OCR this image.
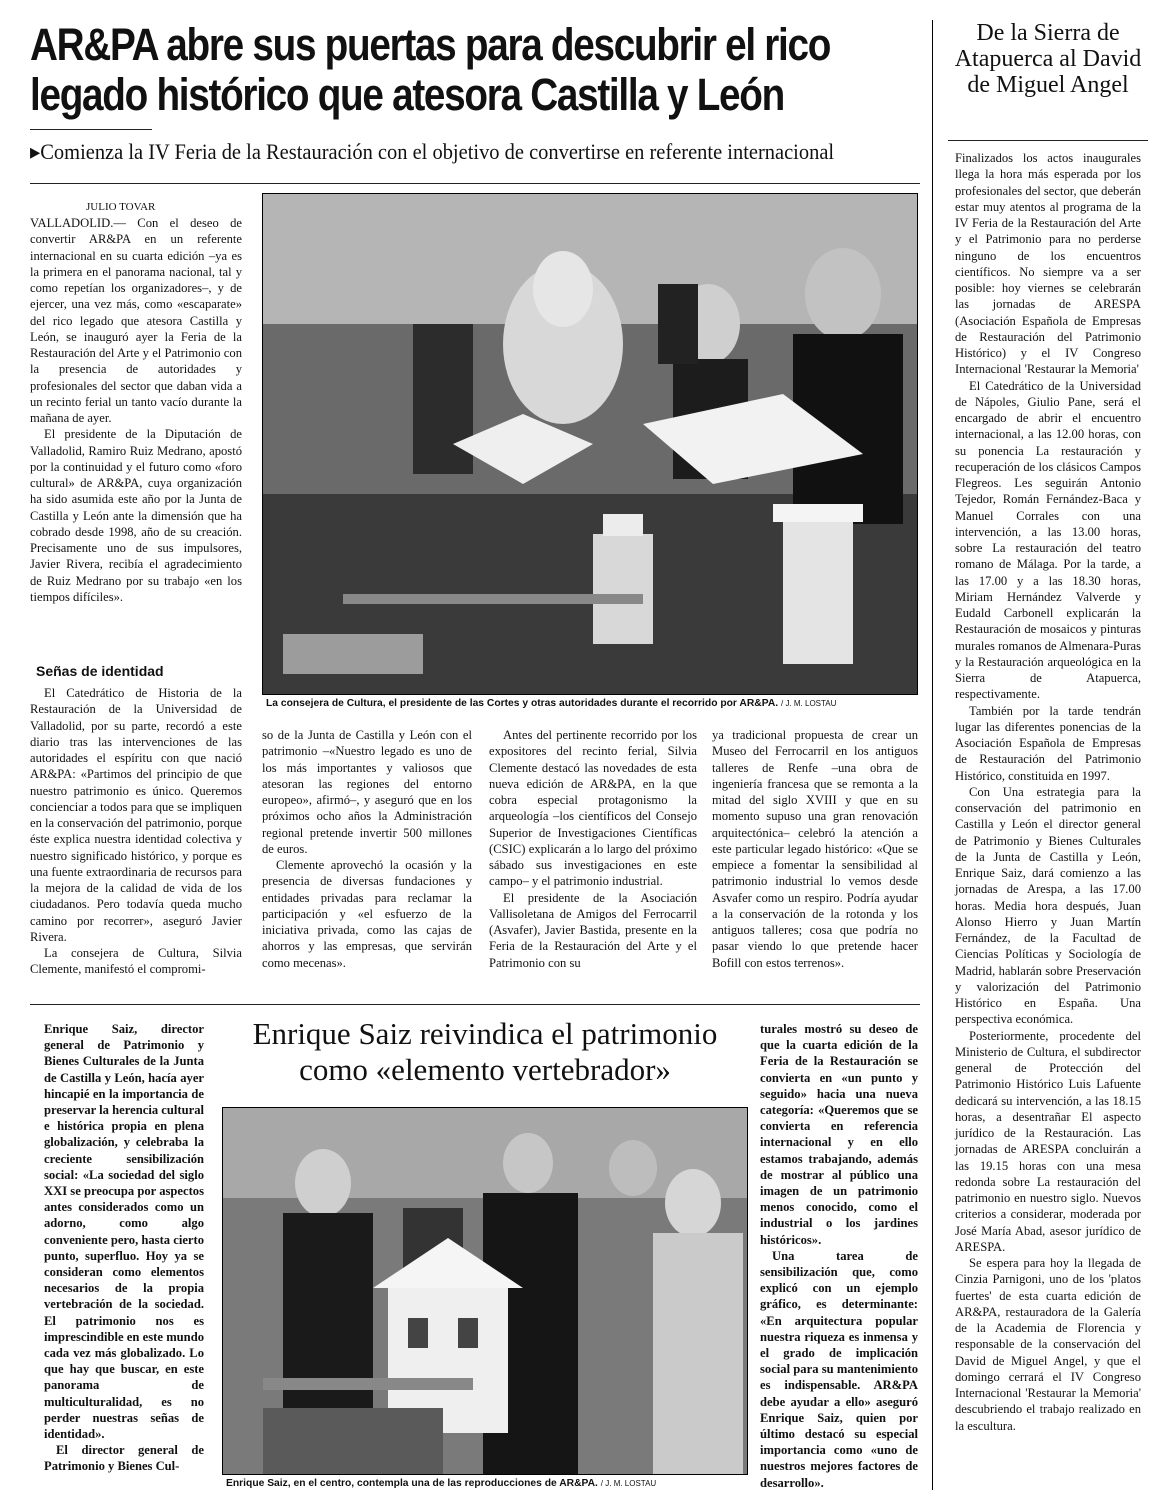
AR&PA abre sus puertas para descubrir el rico
legado histórico que atesora Castilla y León
▸Comienza la IV Feria de la Restauración con el objetivo de convertirse en referente internacional
JULIO TOVAR

VALLADOLID.— Con el deseo de convertir AR&PA en un referente internacional en su cuarta edición –ya es la primera en el panorama nacional, tal y como repetían los organizadores–, y de ejercer, una vez más, como «escaparate» del rico legado que atesora Castilla y León, se inauguró ayer la Feria de la Restauración del Arte y el Patrimonio con la presencia de autoridades y profesionales del sector que daban vida a un recinto ferial un tanto vacío durante la mañana de ayer.

El presidente de la Diputación de Valladolid, Ramiro Ruiz Medrano, apostó por la continuidad y el futuro como «foro cultural» de AR&PA, cuya organización ha sido asumida este año por la Junta de Castilla y León ante la dimensión que ha cobrado desde 1998, año de su creación. Precisamente uno de sus impulsores, Javier Rivera, recibía el agradecimiento de Ruiz Medrano por su trabajo «en los tiempos difíciles».

Señas de identidad

El Catedrático de Historia de la Restauración de la Universidad de Valladolid, por su parte, recordó a este diario tras las intervenciones de las autoridades el espíritu con que nació AR&PA: «Partimos del principio de que nuestro patrimonio es único. Queremos concienciar a todos para que se impliquen en la conservación del patrimonio, porque éste explica nuestra identidad colectiva y nuestro significado histórico, y porque es una fuente extraordinaria de recursos para la mejora de la calidad de vida de los ciudadanos. Pero todavía queda mucho camino por recorrer», aseguró Javier Rivera.

La consejera de Cultura, Silvia Clemente, manifestó el compromi-

La consejera de Cultura, el presidente de las Cortes y otras autoridades durante el recorrido por AR&PA. / J. M. LOSTAU

so de la Junta de Castilla y León con el patrimonio –«Nuestro legado es uno de los más importantes y valiosos que atesoran las regiones del entorno europeo», afirmó–, y aseguró que en los próximos ocho años la Administración regional pretende invertir 500 millones de euros.

Clemente aprovechó la ocasión y la presencia de diversas fundaciones y entidades privadas para reclamar la participación y «el esfuerzo de la iniciativa privada, como las cajas de ahorros y las empresas, que servirán como mecenas».

Antes del pertinente recorrido por los expositores del recinto ferial, Silvia Clemente destacó las novedades de esta nueva edición de AR&PA, en la que cobra especial protagonismo la arqueología –los científicos del Consejo Superior de Investigaciones Científicas (CSIC) explicarán a lo largo del próximo sábado sus investigaciones en este campo– y el patrimonio industrial.

El presidente de la Asociación Vallisoletana de Amigos del Ferrocarril (Asvafer), Javier Bastida, presente en la Feria de la Restauración del Arte y el Patrimonio con su

ya tradicional propuesta de crear un Museo del Ferrocarril en los antiguos talleres de Renfe –una obra de ingeniería francesa que se remonta a la mitad del siglo XVIII y que en su momento supuso una gran renovación arquitectónica– celebró la atención a este particular legado histórico: «Que se empiece a fomentar la sensibilidad al patrimonio industrial lo vemos desde Asvafer como un respiro. Podría ayudar a la conservación de la rotonda y los antiguos talleres; cosa que podría no pasar viendo lo que pretende hacer Bofill con estos terrenos».

De la Sierra de Atapuerca al David de Miguel Angel

Finalizados los actos inaugurales llega la hora más esperada por los profesionales del sector, que deberán estar muy atentos al programa de la IV Feria de la Restauración del Arte y el Patrimonio para no perderse ninguno de los encuentros científicos. No siempre va a ser posible: hoy viernes se celebrarán las jornadas de ARESPA (Asociación Española de Empresas de Restauración del Patrimonio Histórico) y el IV Congreso Internacional 'Restaurar la Memoria'

El Catedrático de la Universidad de Nápoles, Giulio Pane, será el encargado de abrir el encuentro internacional, a las 12.00 horas, con su ponencia La restauración y recuperación de los clásicos Campos Flegreos. Les seguirán Antonio Tejedor, Román Fernández-Baca y Manuel Corrales con una intervención, a las 13.00 horas, sobre La restauración del teatro romano de Málaga. Por la tarde, a las 17.00 y a las 18.30 horas, Miriam Hernández Valverde y Eudald Carbonell explicarán la Restauración de mosaicos y pinturas murales romanos de Almenara-Puras y la Restauración arqueológica en la Sierra de Atapuerca, respectivamente.

También por la tarde tendrán lugar las diferentes ponencias de la Asociación Española de Empresas de Restauración del Patrimonio Histórico, constituida en 1997.

Con Una estrategia para la conservación del patrimonio en Castilla y León el director general de Patrimonio y Bienes Culturales de la Junta de Castilla y León, Enrique Saiz, dará comienzo a las jornadas de Arespa, a las 17.00 horas. Media hora después, Juan Alonso Hierro y Juan Martín Fernández, de la Facultad de Ciencias Políticas y Sociología de Madrid, hablarán sobre Preservación y valorización del Patrimonio Histórico en España. Una perspectiva económica.

Posteriormente, procedente del Ministerio de Cultura, el subdirector general de Protección del Patrimonio Histórico Luis Lafuente dedicará su intervención, a las 18.15 horas, a desentrañar El aspecto jurídico de la Restauración. Las jornadas de ARESPA concluirán a las 19.15 horas con una mesa redonda sobre La restauración del patrimonio en nuestro siglo. Nuevos criterios a considerar, moderada por José María Abad, asesor jurídico de ARESPA.

Se espera para hoy la llegada de Cinzia Parnigoni, uno de los 'platos fuertes' de esta cuarta edición de AR&PA, restauradora de la Galería de la Academia de Florencia y responsable de la conservación del David de Miguel Angel, y que el domingo cerrará el IV Congreso Internacional 'Restaurar la Memoria' descubriendo el trabajo realizado en la escultura.

Enrique Saiz, director general de Patrimonio y Bienes Culturales de la Junta de Castilla y León, hacía ayer hincapié en la importancia de preservar la herencia cultural e histórica propia en plena globalización, y celebraba la creciente sensibilización social: «La sociedad del siglo XXI se preocupa por aspectos antes considerados como un adorno, como algo conveniente pero, hasta cierto punto, superfluo. Hoy ya se consideran como elementos necesarios de la propia vertebración de la sociedad. El patrimonio nos es imprescindible en este mundo cada vez más globalizado. Lo que hay que buscar, en este panorama de multiculturalidad, es no perder nuestras señas de identidad».

El director general de Patrimonio y Bienes Cul-

Enrique Saiz reivindica el patrimonio
como «elemento vertebrador»
Enrique Saiz, en el centro, contempla una de las reproducciones de AR&PA. / J. M. LOSTAU

turales mostró su deseo de que la cuarta edición de la Feria de la Restauración se convierta en «un punto y seguido» hacia una nueva categoría: «Queremos que se convierta en referencia internacional y en ello estamos trabajando, además de mostrar al público una imagen de un patrimonio menos conocido, como el industrial o los jardines históricos».

Una tarea de sensibilización que, como explicó con un ejemplo gráfico, es determinante: «En arquitectura popular nuestra riqueza es inmensa y el grado de implicación social para su mantenimiento es indispensable. AR&PA debe ayudar a ello» aseguró Enrique Saiz, quien por último destacó su especial importancia como «uno de nuestros mejores factores de desarrollo».
